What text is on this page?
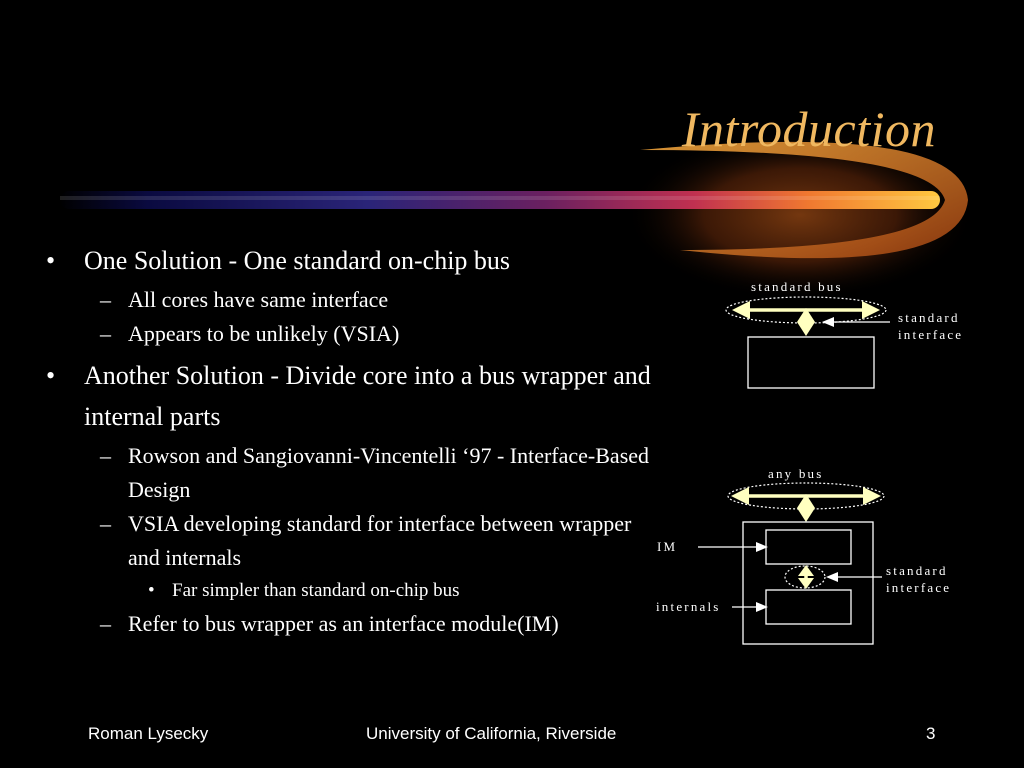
Introduction
• One Solution - One standard on-chip bus
– All cores have same interface
– Appears to be unlikely (VSIA)
• Another Solution - Divide core into a bus wrapper and internal parts
– Rowson and Sangiovanni-Vincentelli ‘97 - Interface-Based Design
– VSIA developing standard for interface between wrapper and internals
• Far simpler than standard on-chip bus
– Refer to bus wrapper as an interface module(IM)
standard bus
standard
interface
any bus
IM
internals
standard
interface
Roman Lysecky	University of California, Riverside	3
